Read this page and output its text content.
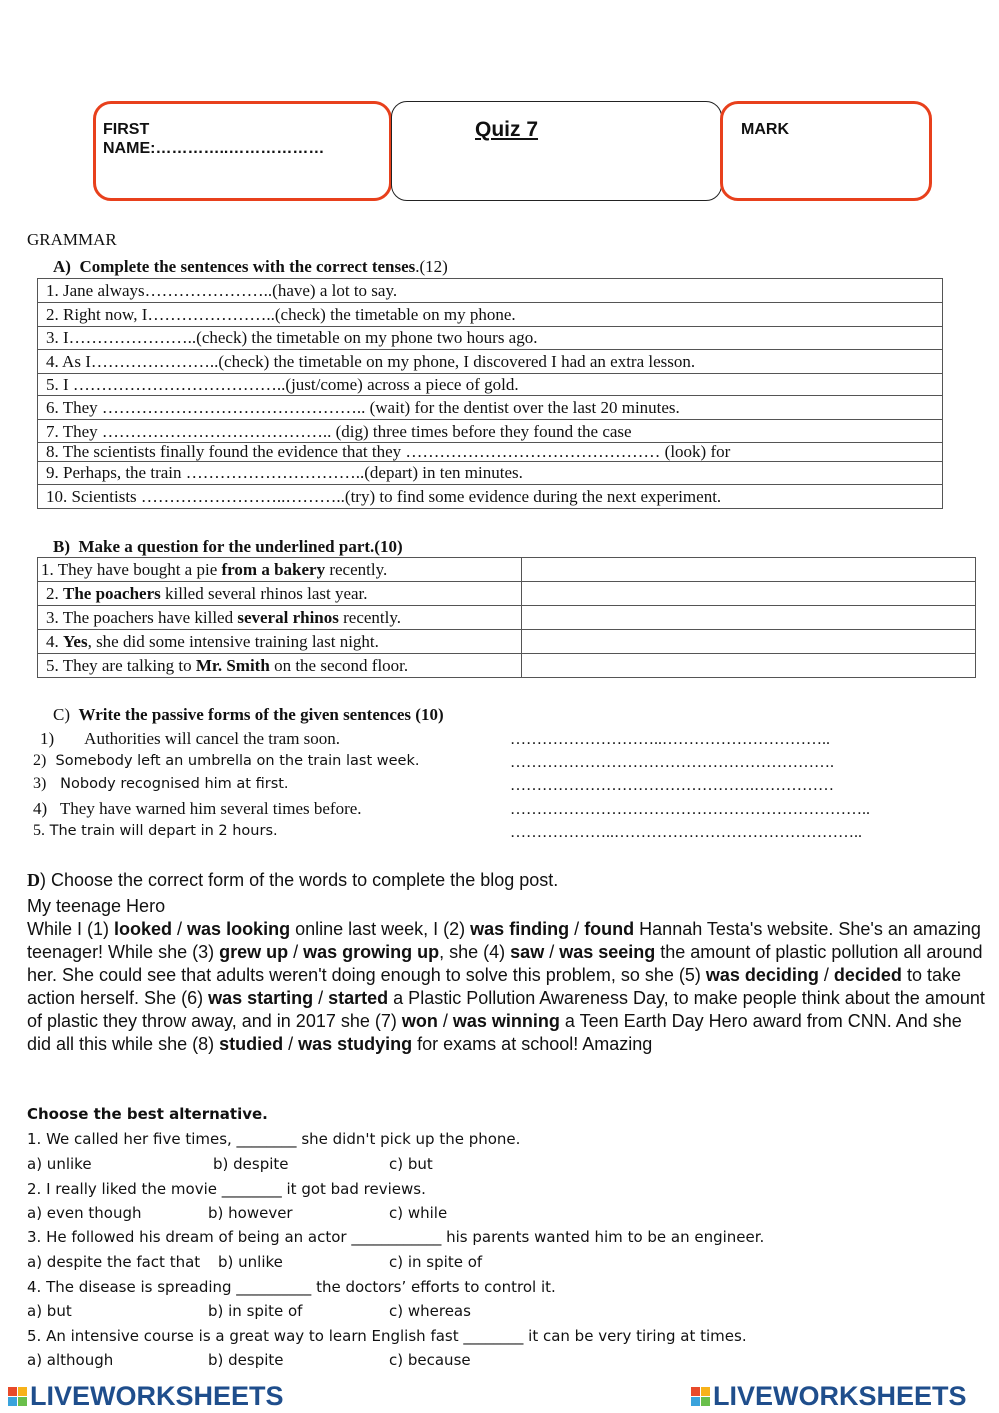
FIRST
NAME:…………..………………
Quiz 7	MARK
GRAMMAR
A) Complete the sentences with the correct tenses.(12)
1. Jane always…………………..(have) a lot to say.
2. Right now, I…………………..(check) the timetable on my phone.
3. I…………………..(check) the timetable on my phone two hours ago.
4. As I…………………..(check) the timetable on my phone, I discovered I had an extra lesson.
5. I ………………………………..(just/come) across a piece of gold.
6. They ……………………………………….. (wait) for the dentist over the last 20 minutes.
7. They ………………………………….. (dig) three times before they found the case
8. The scientists finally found the evidence that they ……………………………………… (look) for
9. Perhaps, the train …………………………..(depart) in ten minutes.
10. Scientists ……………………..………..(try) to find some evidence during the next experiment.
B) Make a question for the underlined part.(10)
1. They have bought a pie from a bakery recently.	
2. The poachers killed several rhinos last year.	
3. The poachers have killed several rhinos recently.	
4. Yes, she did some intensive training last night.	
5. They are talking to Mr. Smith on the second floor.	
C) Write the passive forms of the given sentences (10)
1) Authorities will cancel the tram soon.	………………………..…………………………..
2) Somebody left an umbrella on the train last week.	…………………………………………………….
3) Nobody recognised him at first.	……………………………………….……………
4) They have warned him several times before.	…………………………………………………………..
5. The train will depart in 2 hours.	………………..………………………………………..
D) Choose the correct form of the words to complete the blog post.
My teenage Hero
While I (1) looked / was looking online last week, I (2) was finding / found Hannah Testa's website. She's an amazing teenager! While she (3) grew up / was growing up, she (4) saw / was seeing the amount of plastic pollution all around her. She could see that adults weren't doing enough to solve this problem, so she (5) was deciding / decided to take action herself. She (6) was starting / started a Plastic Pollution Awareness Day, to make people think about the amount of plastic they throw away, and in 2017 she (7) won / was winning a Teen Earth Day Hero award from CNN. And she did all this while she (8) studied / was studying for exams at school! Amazing
Choose the best alternative.
1. We called her five times, ________ she didn't pick up the phone.
a) unlike	b) despite	c) but
2. I really liked the movie ________ it got bad reviews.
a) even though	b) however	c) while
3. He followed his dream of being an actor ____________ his parents wanted him to be an engineer.
a) despite the fact that b) unlike	c) in spite of
4. The disease is spreading __________ the doctors’ efforts to control it.
a) but	b) in spite of	c) whereas
5. An intensive course is a great way to learn English fast ________ it can be very tiring at times.
a) although	b) despite	c) because
LIVEWORKSHEETS	LIVEWORKSHEETS
